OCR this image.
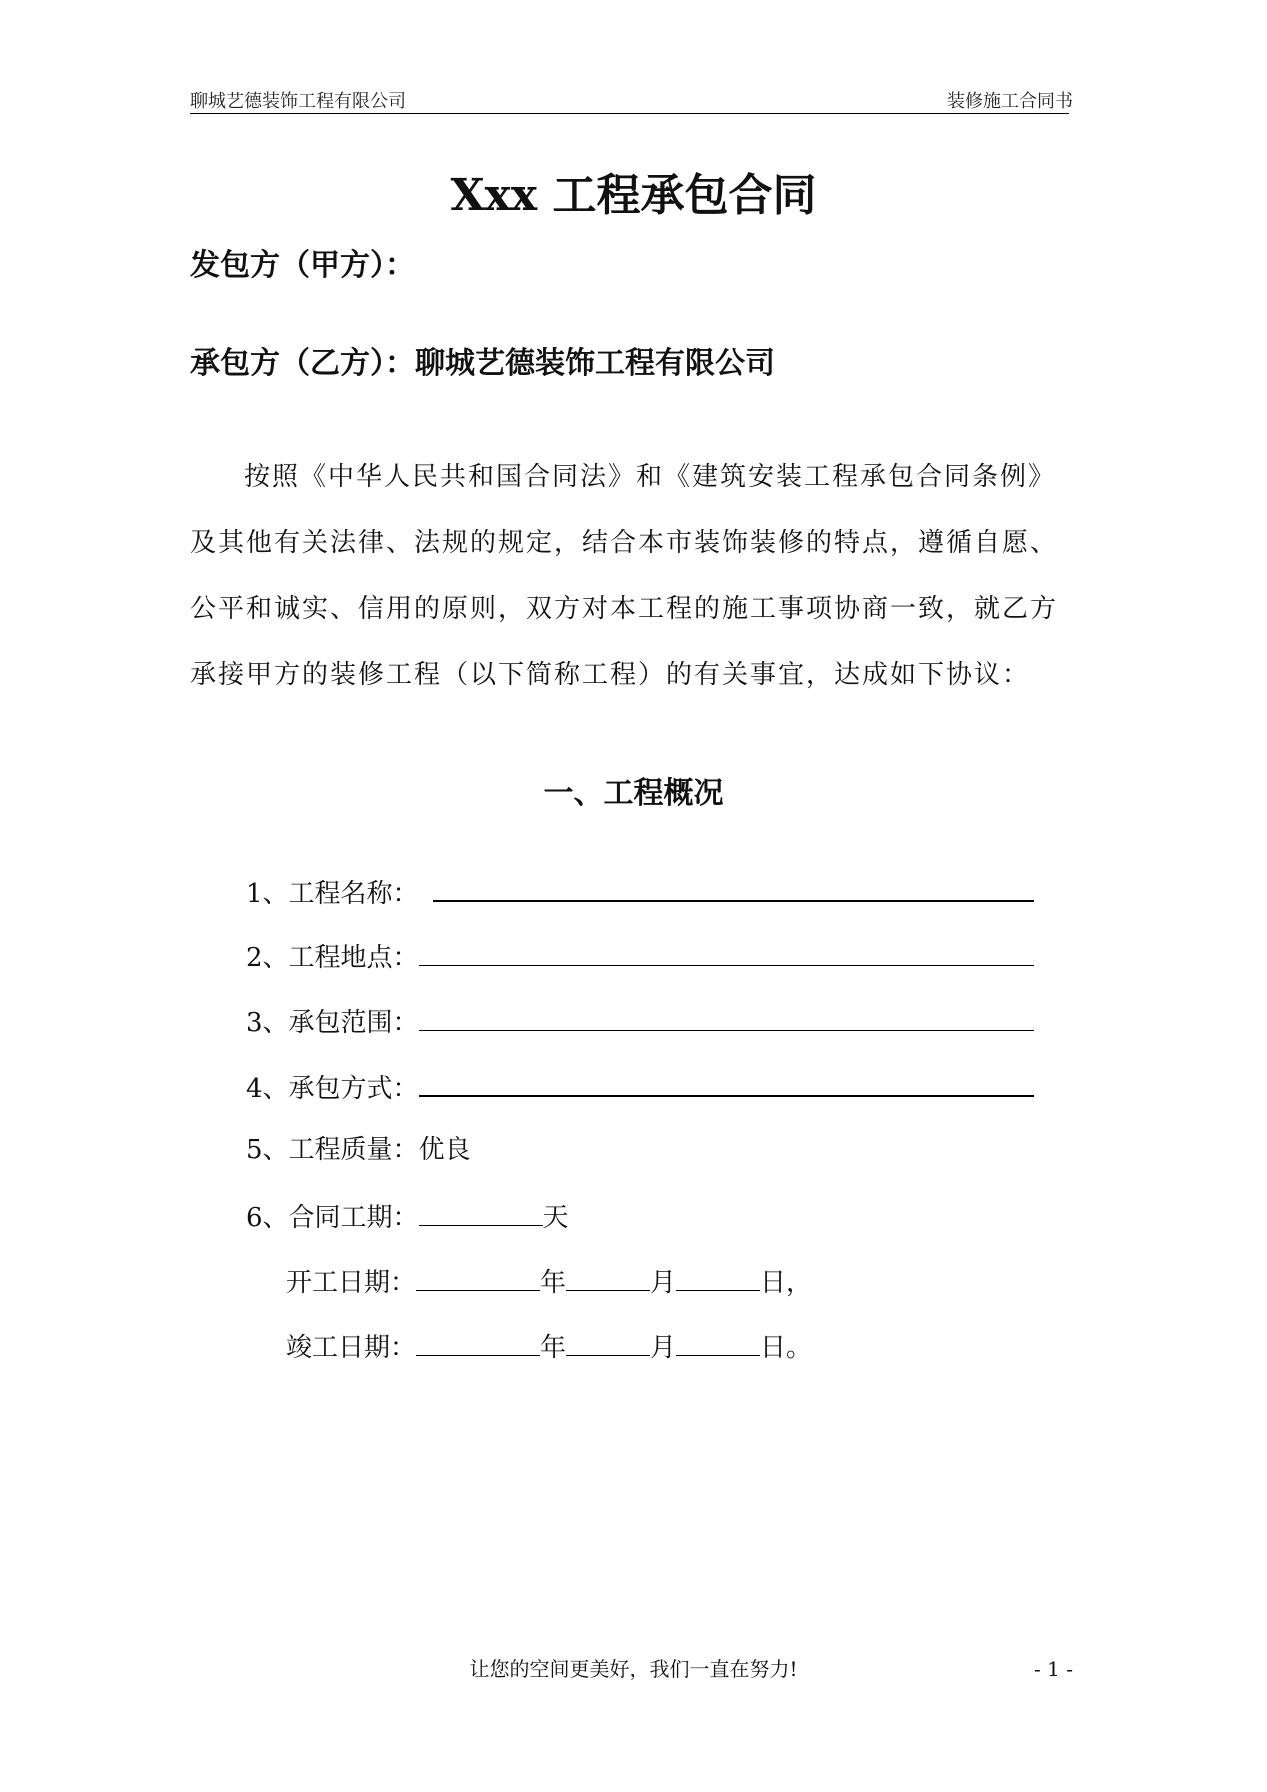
聊城艺德装饰工程有限公司	装修施工合同书
Xxx 工程承包合同
发包方（甲方）：
承包方（乙方）：聊城艺德装饰工程有限公司
按照《中华人民共和国合同法》和《建筑安装工程承包合同条例》及其他有关法律、法规的规定，结合本市装饰装修的特点，遵循自愿、公平和诚实、信用的原则，双方对本工程的施工事项协商一致，就乙方承接甲方的装修工程（以下简称工程）的有关事宜，达成如下协议：
一、工程概况
1、工程名称：
2、工程地点：
3、承包范围：
4、承包方式：
5、工程质量：优良
6、合同工期：	天
开工日期：	年	月	日，
竣工日期：	年	月	日。
让您的空间更美好，我们一直在努力!	- 1 -
